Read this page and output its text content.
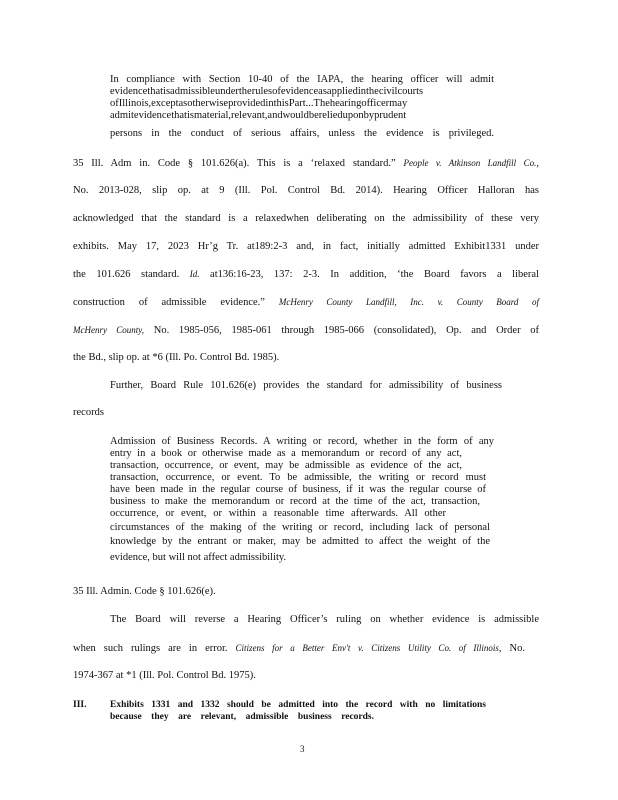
In compliance with Section 10-40 of the IAPA, the hearing officer will admit
evidencethatisadmissibleundertherulesofevidenceasappliedinthecivilcourts
ofIllinois,exceptasotherwiseprovidedinthisPart...Thehearingofficermay
admitevidencethatismaterial,relevant,andwouldberelieduponbyprudent
persons in the conduct of serious affairs, unless the evidence is privileged.
35 Ill. Adm in. Code § 101.626(a). This is a ‘relaxed standard.” People v. Atkinson Landfill Co.,
No. 2013-028, slip op. at 9 (Ill. Pol. Control Bd. 2014). Hearing Officer Halloran has
acknowledged that the standard is a relaxedwhen deliberating on the admissibility of these very
exhibits. May 17, 2023 Hr’g Tr. at189:2-3 and, in fact, initially admitted Exhibit1331 under
the 101.626 standard. Id. at136:16-23, 137: 2-3. In addition, ‘the Board favors a liberal
construction of admissible evidence.” McHenry County Landfill, Inc. v. County Board of
McHenry County, No. 1985-056, 1985-061 through 1985-066 (consolidated), Op. and Order of
the Bd., slip op. at *6 (Ill. Po. Control Bd. 1985).
Further, Board Rule 101.626(e) provides the standard for admissibility of business
records
Admission of Business Records. A writing or record, whether in the form of any
entry in a book or otherwise made as a memorandum or record of any act,
transaction, occurrence, or event, may be admissible as evidence of the act,
transaction, occurrence, or event. To be admissible, the writing or record must
have been made in the regular course of business, if it was the regular course of
business to make the memorandum or record at the time of the act, transaction,
occurrence, or event, or within a reasonable time afterwards. All other
circumstances of the making of the writing or record, including lack of personal
knowledge by the entrant or maker, may be admitted to affect the weight of the
evidence, but will not affect admissibility.
35 Ill. Admin. Code § 101.626(e).
The Board will reverse a Hearing Officer’s ruling on whether evidence is admissible
when such rulings are in error. Citizens for a Better Env't v. Citizens Utility Co. of Illinois, No.
1974-367 at *1 (Ill. Pol. Control Bd. 1975).
III. Exhibits 1331 and 1332 should be admitted into the record with no limitations
because they are relevant, admissible business records.
3
